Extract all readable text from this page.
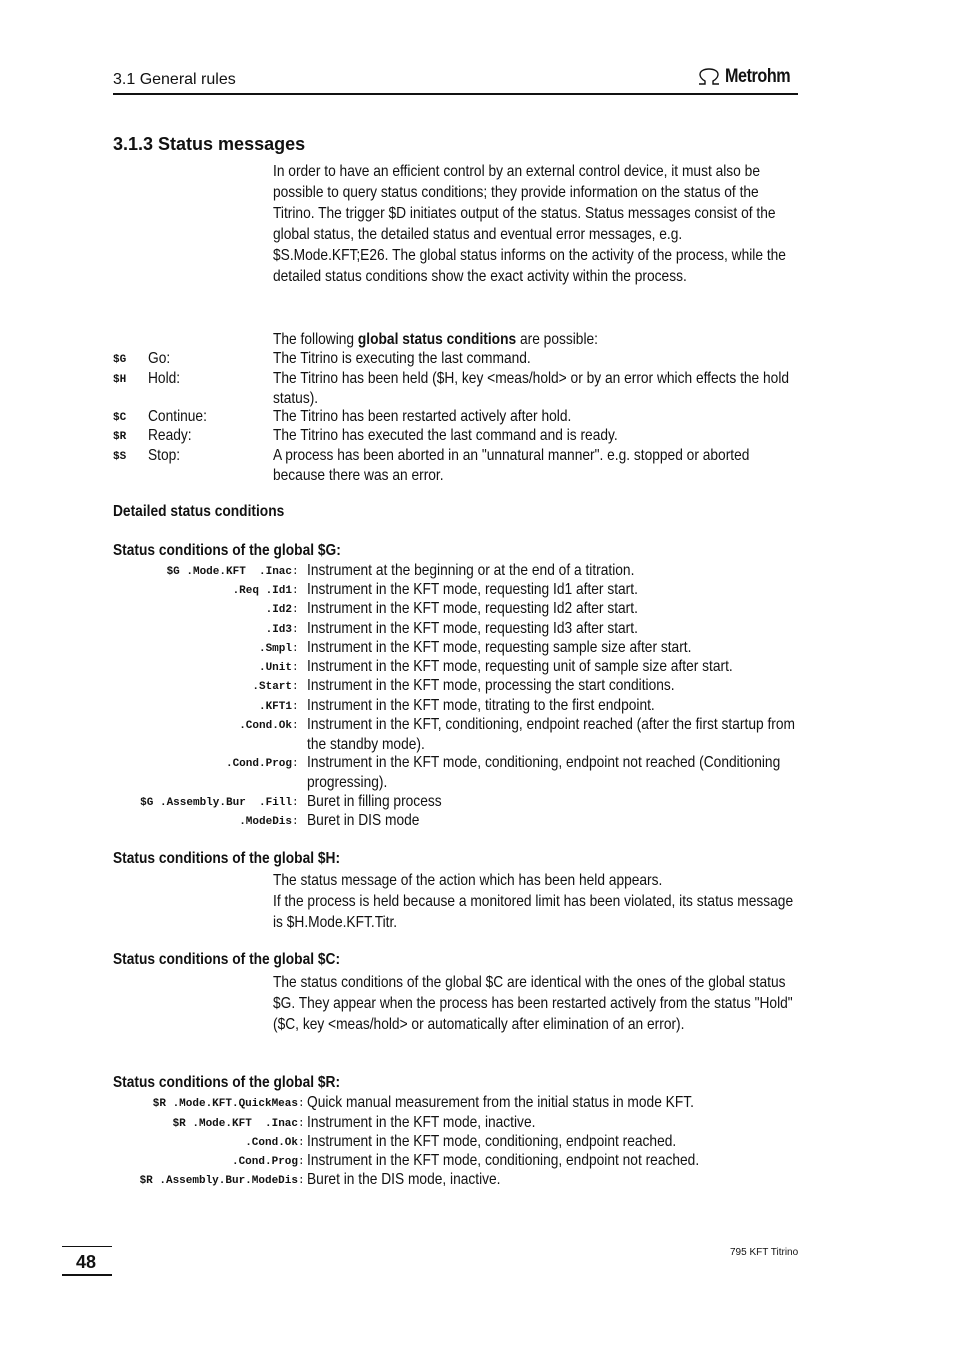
3.1 General rules	Metrohm
3.1.3 Status messages
In order to have an efficient control by an external control device, it must also be possible to query status conditions; they provide information on the status of the Titrino. The trigger $D initiates output of the status. Status messages consist of the global status, the detailed status and eventual error messages, e.g. $S.Mode.KFT;E26. The global status informs on the activity of the process, while the detailed status conditions show the exact activity within the process.
The following global status conditions are possible:
$G Go:	The Titrino is executing the last command.
$H Hold:	The Titrino has been held ($H, key <meas/hold> or by an error which effects the hold status).
$C Continue:	The Titrino has been restarted actively after hold.
$R Ready:	The Titrino has executed the last command and is ready.
$S Stop:	A process has been aborted in an "unnatural manner". e.g. stopped or aborted because there was an error.
Detailed status conditions
Status conditions of the global $G:
$G .Mode.KFT  .Inac : Instrument at the beginning or at the end of a titration.
.Req .Id1 : Instrument in the KFT mode, requesting Id1 after start.
.Id2 : Instrument in the KFT mode, requesting Id2 after start.
.Id3 : Instrument in the KFT mode, requesting Id3 after start.
.Smpl : Instrument in the KFT mode, requesting sample size after start.
.Unit : Instrument in the KFT mode, requesting unit of sample size after start.
.Start : Instrument in the KFT mode, processing the start conditions.
.KFT1 : Instrument in the KFT mode, titrating to the first endpoint.
.Cond.Ok : Instrument in the KFT, conditioning, endpoint reached (after the first startup from the standby mode).
.Cond.Prog : Instrument in the KFT mode, conditioning, endpoint not reached (Conditioning progressing).
$G .Assembly.Bur  .Fill : Buret in filling process
.ModeDis : Buret in DIS mode
Status conditions of the global $H:
The status message of the action which has been held appears.
If the process is held because a monitored limit has been violated, its status message is $H.Mode.KFT.Titr.
Status conditions of the global $C:
The status conditions of the global $C are identical with the ones of the global status $G. They appear when the process has been restarted actively from the status "Hold" ($C, key <meas/hold> or automatically after elimination of an error).
Status conditions of the global $R:
$R .Mode.KFT.QuickMeas : Quick manual measurement from the initial status in mode KFT.
$R .Mode.KFT  .Inac : Instrument in the KFT mode, inactive.
.Cond.Ok : Instrument in the KFT mode, conditioning, endpoint reached.
.Cond.Prog : Instrument in the KFT mode, conditioning, endpoint not reached.
$R .Assembly.Bur.ModeDis : Buret in the DIS mode, inactive.
48	795 KFT Titrino
